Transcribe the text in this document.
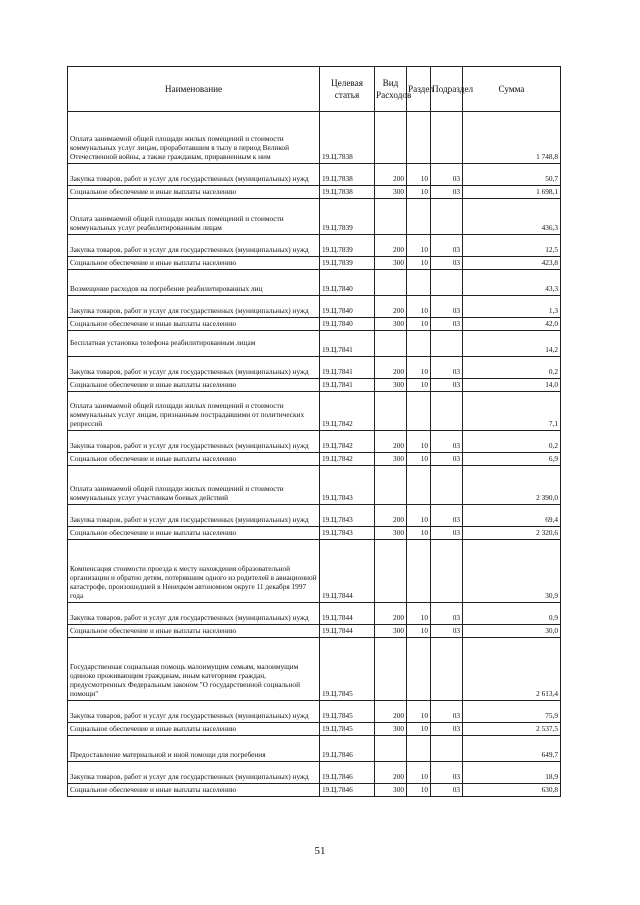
Наименование	Целевая статья	Вид Расходов	Раздел	Подраздел	Сумма
Оплата занимаемой общей площади жилых помещений и стоимости коммунальных услуг лицам, проработавшим в тылу в период Великой Отечественной войны, а также гражданам, приравненным к ним	19.Ц.7838				1 748,8
Закупка товаров, работ и услуг для государственных (муниципальных) нужд	19.Ц.7838	200	10	03	50,7
Социальное обеспечение и иные выплаты населению	19.Ц.7838	300	10	03	1 698,1
Оплата занимаемой общей площади жилых помещений и стоимости коммунальных услуг реабилитированным лицам	19.Ц.7839				436,3
Закупка товаров, работ и услуг для государственных (муниципальных) нужд	19.Ц.7839	200	10	03	12,5
Социальное обеспечение и иные выплаты населению	19.Ц.7839	300	10	03	423,8
Возмещение расходов на погребение реабилитированных лиц	19.Ц.7840				43,3
Закупка товаров, работ и услуг для государственных (муниципальных) нужд	19.Ц.7840	200	10	03	1,3
Социальное обеспечение и иные выплаты населению	19.Ц.7840	300	10	03	42,0
Бесплатная установка телефона реабилитированным лицам	19.Ц.7841				14,2
Закупка товаров, работ и услуг для государственных (муниципальных) нужд	19.Ц.7841	200	10	03	0,2
Социальное обеспечение и иные выплаты населению	19.Ц.7841	300	10	03	14,0
Оплата занимаемой общей площади жилых помещений и стоимости коммунальных услуг лицам, признанным пострадавшими от политических репрессий	19.Ц.7842				7,1
Закупка товаров, работ и услуг для государственных (муниципальных) нужд	19.Ц.7842	200	10	03	0,2
Социальное обеспечение и иные выплаты населению	19.Ц.7842	300	10	03	6,9
Оплата занимаемой общей площади жилых помещений и стоимости коммунальных услуг участникам боевых действий	19.Ц.7843				2 390,0
Закупка товаров, работ и услуг для государственных (муниципальных) нужд	19.Ц.7843	200	10	03	69,4
Социальное обеспечение и иные выплаты населению	19.Ц.7843	300	10	03	2 320,6
Компенсация стоимости проезда к месту нахождения образовательной организации и обратно детям, потерявшим одного из родителей в авиационной катастрофе, произошедшей в Ненецком автономном округе 11 декабря 1997 года	19.Ц.7844				30,9
Закупка товаров, работ и услуг для государственных (муниципальных) нужд	19.Ц.7844	200	10	03	0,9
Социальное обеспечение и иные выплаты населению	19.Ц.7844	300	10	03	30,0
Государственная социальная помощь малоимущим семьям, малоимущим одиноко проживающим гражданам, иным категориям граждан, предусмотренных Федеральным законом "О государственной социальной помощи"	19.Ц.7845				2 613,4
Закупка товаров, работ и услуг для государственных (муниципальных) нужд	19.Ц.7845	200	10	03	75,9
Социальное обеспечение и иные выплаты населению	19.Ц.7845	300	10	03	2 537,5
Предоставление материальной и иной помощи для погребения	19.Ц.7846				649,7
Закупка товаров, работ и услуг для государственных (муниципальных) нужд	19.Ц.7846	200	10	03	18,9
Социальное обеспечение и иные выплаты населению	19.Ц.7846	300	10	03	630,8
51
